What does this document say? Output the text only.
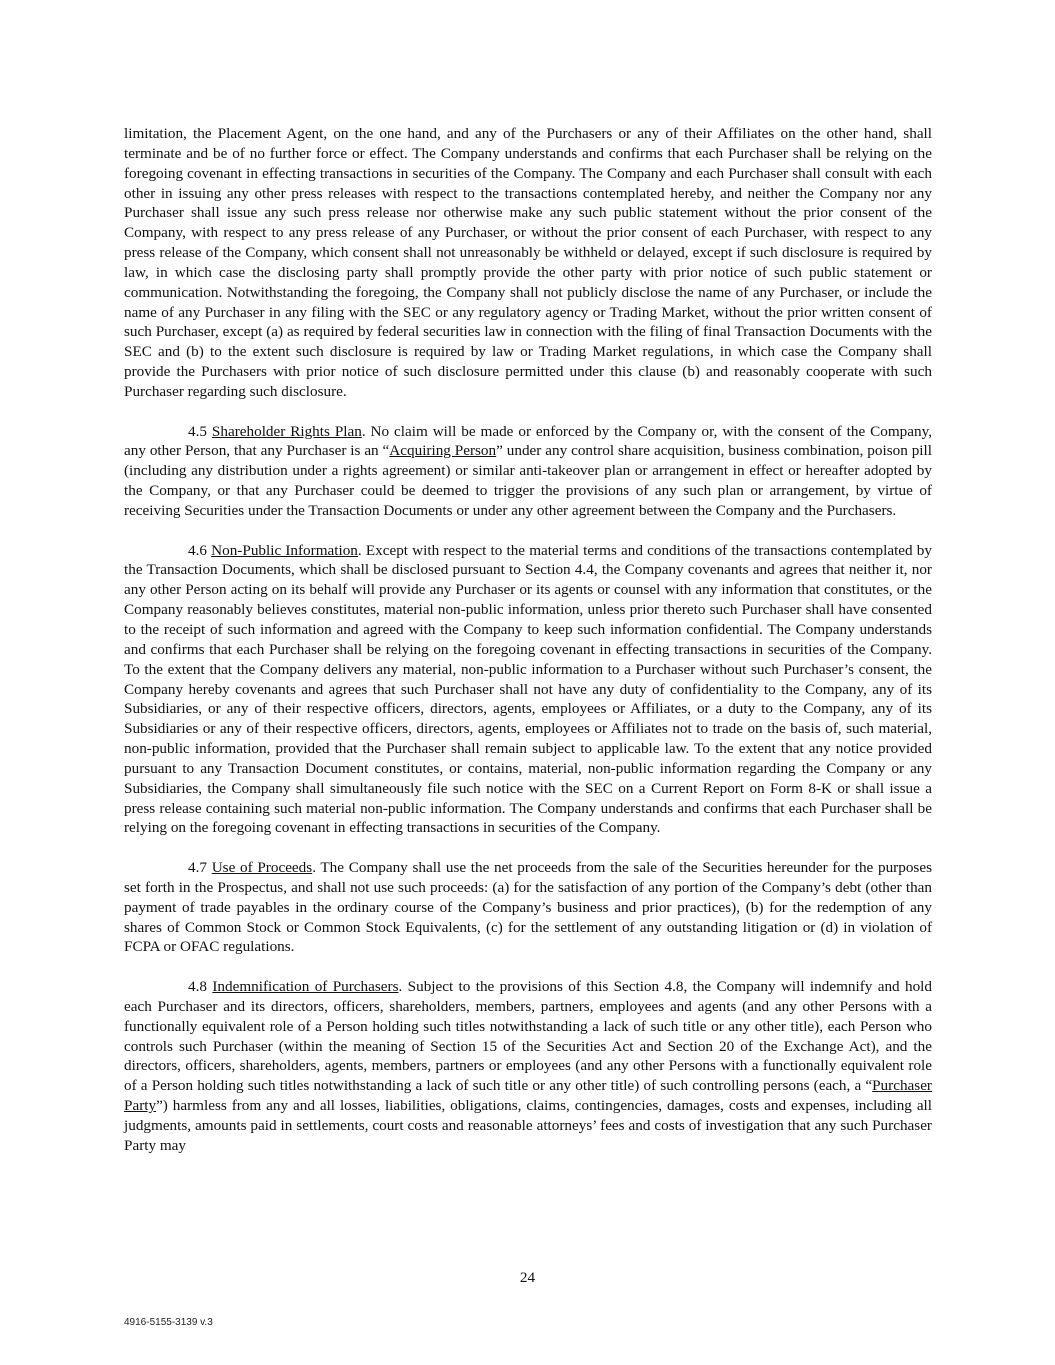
limitation, the Placement Agent, on the one hand, and any of the Purchasers or any of their Affiliates on the other hand, shall terminate and be of no further force or effect. The Company understands and confirms that each Purchaser shall be relying on the foregoing covenant in effecting transactions in securities of the Company. The Company and each Purchaser shall consult with each other in issuing any other press releases with respect to the transactions contemplated hereby, and neither the Company nor any Purchaser shall issue any such press release nor otherwise make any such public statement without the prior consent of the Company, with respect to any press release of any Purchaser, or without the prior consent of each Purchaser, with respect to any press release of the Company, which consent shall not unreasonably be withheld or delayed, except if such disclosure is required by law, in which case the disclosing party shall promptly provide the other party with prior notice of such public statement or communication. Notwithstanding the foregoing, the Company shall not publicly disclose the name of any Purchaser, or include the name of any Purchaser in any filing with the SEC or any regulatory agency or Trading Market, without the prior written consent of such Purchaser, except (a) as required by federal securities law in connection with the filing of final Transaction Documents with the SEC and (b) to the extent such disclosure is required by law or Trading Market regulations, in which case the Company shall provide the Purchasers with prior notice of such disclosure permitted under this clause (b) and reasonably cooperate with such Purchaser regarding such disclosure.

4.5 Shareholder Rights Plan. No claim will be made or enforced by the Company or, with the consent of the Company, any other Person, that any Purchaser is an “Acquiring Person” under any control share acquisition, business combination, poison pill (including any distribution under a rights agreement) or similar anti-takeover plan or arrangement in effect or hereafter adopted by the Company, or that any Purchaser could be deemed to trigger the provisions of any such plan or arrangement, by virtue of receiving Securities under the Transaction Documents or under any other agreement between the Company and the Purchasers.

4.6 Non-Public Information. Except with respect to the material terms and conditions of the transactions contemplated by the Transaction Documents, which shall be disclosed pursuant to Section 4.4, the Company covenants and agrees that neither it, nor any other Person acting on its behalf will provide any Purchaser or its agents or counsel with any information that constitutes, or the Company reasonably believes constitutes, material non-public information, unless prior thereto such Purchaser shall have consented to the receipt of such information and agreed with the Company to keep such information confidential. The Company understands and confirms that each Purchaser shall be relying on the foregoing covenant in effecting transactions in securities of the Company. To the extent that the Company delivers any material, non-public information to a Purchaser without such Purchaser’s consent, the Company hereby covenants and agrees that such Purchaser shall not have any duty of confidentiality to the Company, any of its Subsidiaries, or any of their respective officers, directors, agents, employees or Affiliates, or a duty to the Company, any of its Subsidiaries or any of their respective officers, directors, agents, employees or Affiliates not to trade on the basis of, such material, non-public information, provided that the Purchaser shall remain subject to applicable law. To the extent that any notice provided pursuant to any Transaction Document constitutes, or contains, material, non-public information regarding the Company or any Subsidiaries, the Company shall simultaneously file such notice with the SEC on a Current Report on Form 8-K or shall issue a press release containing such material non-public information. The Company understands and confirms that each Purchaser shall be relying on the foregoing covenant in effecting transactions in securities of the Company.

4.7 Use of Proceeds. The Company shall use the net proceeds from the sale of the Securities hereunder for the purposes set forth in the Prospectus, and shall not use such proceeds: (a) for the satisfaction of any portion of the Company’s debt (other than payment of trade payables in the ordinary course of the Company’s business and prior practices), (b) for the redemption of any shares of Common Stock or Common Stock Equivalents, (c) for the settlement of any outstanding litigation or (d) in violation of FCPA or OFAC regulations.

4.8 Indemnification of Purchasers. Subject to the provisions of this Section 4.8, the Company will indemnify and hold each Purchaser and its directors, officers, shareholders, members, partners, employees and agents (and any other Persons with a functionally equivalent role of a Person holding such titles notwithstanding a lack of such title or any other title), each Person who controls such Purchaser (within the meaning of Section 15 of the Securities Act and Section 20 of the Exchange Act), and the directors, officers, shareholders, agents, members, partners or employees (and any other Persons with a functionally equivalent role of a Person holding such titles notwithstanding a lack of such title or any other title) of such controlling persons (each, a “Purchaser Party”) harmless from any and all losses, liabilities, obligations, claims, contingencies, damages, costs and expenses, including all judgments, amounts paid in settlements, court costs and reasonable attorneys’ fees and costs of investigation that any such Purchaser Party may

24
4916-5155-3139 v.3
